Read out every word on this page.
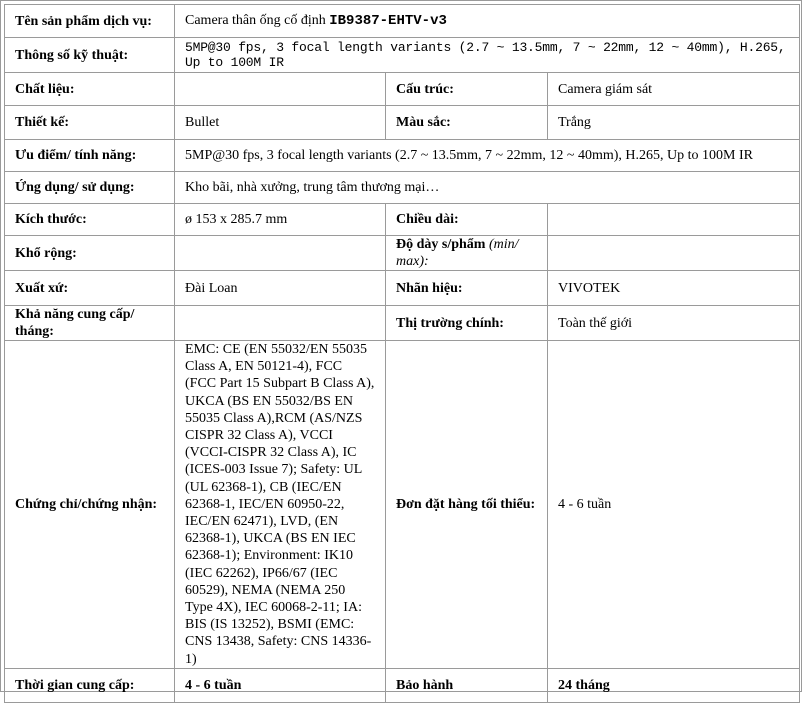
Tên sản phẩm dịch vụ:	Camera thân ống cố định IB9387-EHTV-v3		
Thông số kỹ thuật:	5MP@30 fps, 3 focal length variants (2.7 ~ 13.5mm, 7 ~ 22mm, 12 ~ 40mm), H.265, Up to 100M IR		
Chất liệu:		Cấu trúc:	Camera giám sát
Thiết kế:	Bullet	Màu sắc:	Trắng
Ưu điểm/ tính năng:	5MP@30 fps, 3 focal length variants (2.7 ~ 13.5mm, 7 ~ 22mm, 12 ~ 40mm), H.265, Up to 100M IR		
Ứng dụng/ sử dụng:	Kho bãi, nhà xưởng, trung tâm thương mại…		
Kích thước:	ø 153 x 285.7 mm	Chiều dài:	
Khổ rộng:		Độ dày s/phẩm (min/ max):	
Xuất xứ:	Đài Loan	Nhãn hiệu:	VIVOTEK
Khả năng cung cấp/ tháng:		Thị trường chính:	Toàn thế giới
Chứng chỉ/chứng nhận:	EMC: CE (EN 55032/EN 55035 Class A, EN 50121-4), FCC (FCC Part 15 Subpart B Class A), UKCA (BS EN 55032/BS EN 55035 Class A),RCM (AS/NZS CISPR 32 Class A), VCCI (VCCI-CISPR 32 Class A), IC (ICES-003 Issue 7); Safety: UL (UL 62368-1), CB (IEC/EN 62368-1, IEC/EN 60950-22, IEC/EN 62471), LVD, (EN 62368-1), UKCA (BS EN IEC 62368-1); Environment: IK10 (IEC 62262), IP66/67 (IEC 60529), NEMA (NEMA 250 Type 4X), IEC 60068-2-11; IA: BIS (IS 13252), BSMI (EMC: CNS 13438, Safety: CNS 14336-1)	Đơn đặt hàng tối thiểu:	4 - 6 tuần
Thời gian cung cấp:	4 - 6 tuần	Bảo hành	24 tháng
